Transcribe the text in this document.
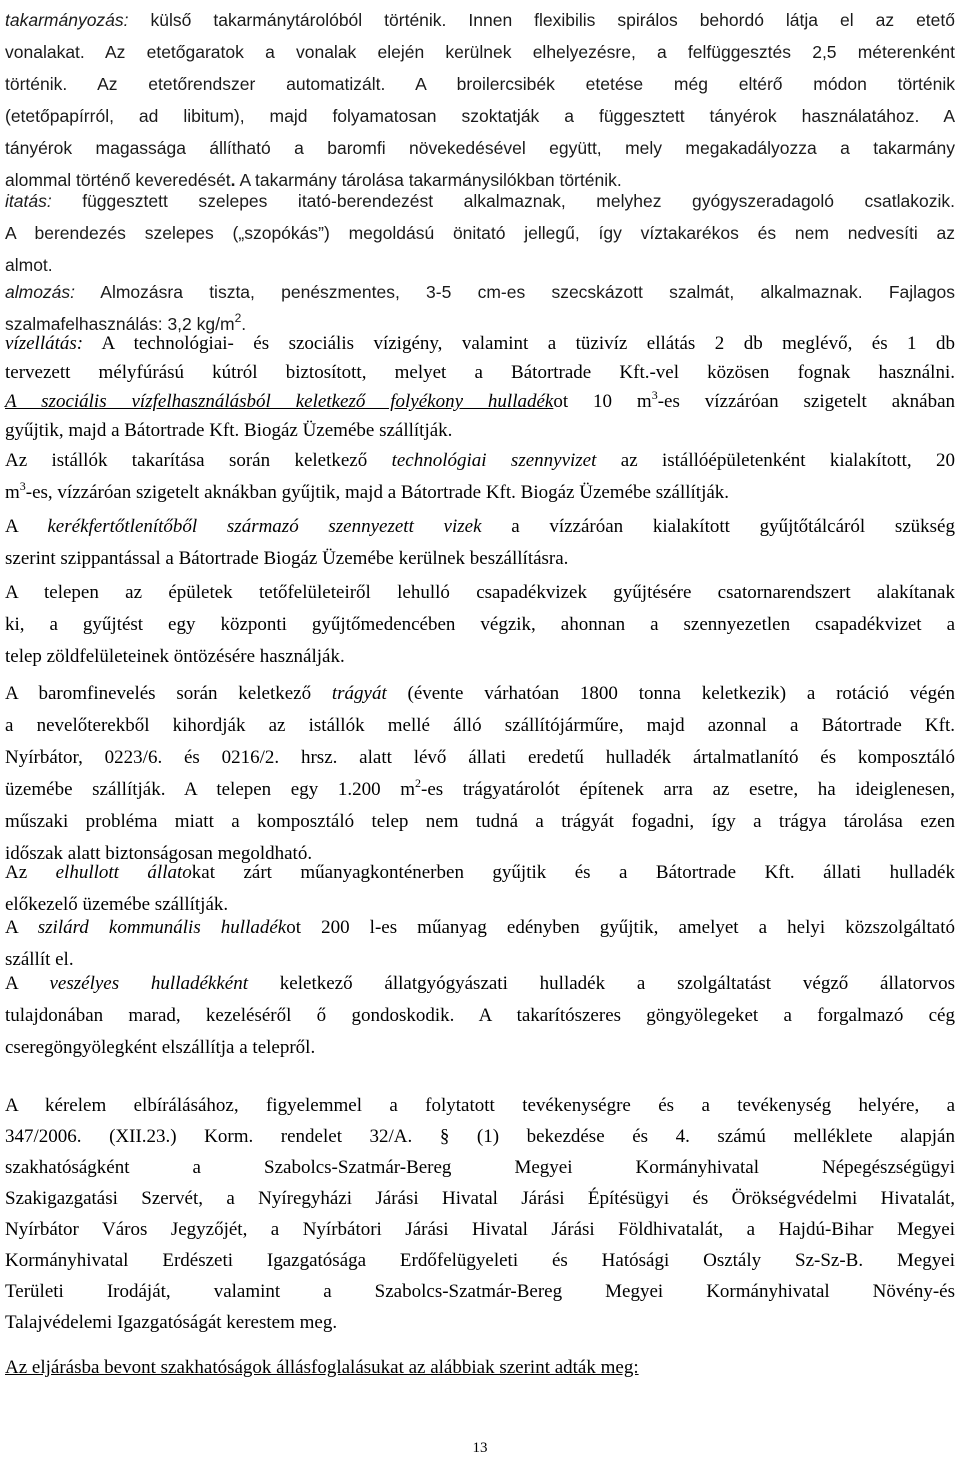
takarmányozás: külső takarmánytárolóból történik. Innen flexibilis spirálos behordó látja el az etető
vonalakat. Az etetőgaratok a vonalak elején kerülnek elhelyezésre, a felfüggesztés 2,5 méterenként
történik. Az etetőrendszer automatizált. A broilercsibék etetése még eltérő módon történik
(etetőpapírról, ad libitum), majd folyamatosan szoktatják a függesztett tányérok használatához. A
tányérok magassága állítható a baromfi növekedésével együtt, mely megakadályozza a takarmány
alommal történő keveredését. A takarmány tárolása takarmánysilókban történik.
itatás: függesztett szelepes itató-berendezést alkalmaznak, melyhez gyógyszeradagoló csatlakozik.
A berendezés szelepes („szopókás”) megoldású önitató jellegű, így víztakarékos és nem nedvesíti az
almot.
almozás: Almozásra tiszta, penészmentes, 3-5 cm-es szecskázott szalmát, alkalmaznak. Fajlagos
szalmafelhasználás: 3,2 $kg/m^2$.
vízellátás: A technológiai- és szociális vízigény, valamint a tüzivíz ellátás 2 db meglévő, és 1 db
tervezett mélyfúrású kútról biztosított, melyet a Bátortrade Kft.-vel közösen fognak használni.
A szociális vízfelhasználásból keletkező folyékony hulladékot 10 $m^3-es$ vízzáróan szigetelt aknában
gyűjtik, majd a Bátortrade Kft. Biogáz Üzemébe szállítják.
Az istállók takarítása során keletkező technológiai szennyvizet az istállóépületenként kialakított, 20
$m^3-es$, vízzáróan szigetelt aknákban gyűjtik, majd a Bátortrade Kft. Biogáz Üzemébe szállítják.
A kerékfertőtlenítőből származó szennyezett vizek a vízzáróan kialakított gyűjtőtálcáról szükség
szerint szippantással a Bátortrade Biogáz Üzemébe kerülnek beszállításra.
A telepen az épületek tetőfelületeiről lehulló csapadékvizek gyűjtésére csatornarendszert alakítanak
ki, a gyűjtést egy központi gyűjtőmedencében végzik, ahonnan a szennyezetlen csapadékvizet a
telep zöldfelületeinek öntözésére használják.
A baromfinevelés során keletkező trágyát (évente várhatóan 1800 tonna keletkezik) a rotáció végén
a nevelőterekből kihordják az istállók mellé álló szállítójárműre, majd azonnal a Bátortrade Kft.
Nyírbátor, 0223/6. és 0216/2. hrsz. alatt lévő állati eredetű hulladék ártalmatlanító és komposztáló
üzemébe szállítják. A telepen egy 1.200 $m^2-es$ trágyatárolót építenek arra az esetre, ha ideiglenesen,
műszaki probléma miatt a komposztáló telep nem tudná a trágyát fogadni, így a trágya tárolása ezen
időszak alatt biztonságosan megoldható.
Az elhullott állatokat zárt műanyagkonténerben gyűjtik és a Bátortrade Kft. állati hulladék
előkezelő üzemébe szállítják.
A szilárd kommunális hulladékot 200 l-es műanyag edényben gyűjtik, amelyet a helyi közszolgáltató
szállít el.
A veszélyes hulladékként keletkező állatgyógyászati hulladék a szolgáltatást végző állatorvos
tulajdonában marad, kezeléséről ő gondoskodik. A takarítószeres göngyölegeket a forgalmazó cég
cseregöngyölegként elszállítja a telepről.
A kérelem elbírálásához, figyelemmel a folytatott tevékenységre és a tevékenység helyére, a
347/2006. (XII.23.) Korm. rendelet 32/A. § (1) bekezdése és 4. számú melléklete alapján
szakhatóságként a Szabolcs-Szatmár-Bereg Megyei Kormányhivatal Népegészségügyi
Szakigazgatási Szervét, a Nyíregyházi Járási Hivatal Járási Építésügyi és Örökségvédelmi Hivatalát,
Nyírbátor Város Jegyzőjét, a Nyírbátori Járási Hivatal Járási Földhivatalát, a Hajdú-Bihar Megyei
Kormányhivatal Erdészeti Igazgatósága Erdőfelügyeleti és Hatósági Osztály Sz-Sz-B. Megyei
Területi Irodáját, valamint a Szabolcs-Szatmár-Bereg Megyei Kormányhivatal Növény-és
Talajvédelemi Igazgatóságát kerestem meg.
Az eljárásba bevont szakhatóságok állásfoglalásukat az alábbiak szerint adták meg:
13
